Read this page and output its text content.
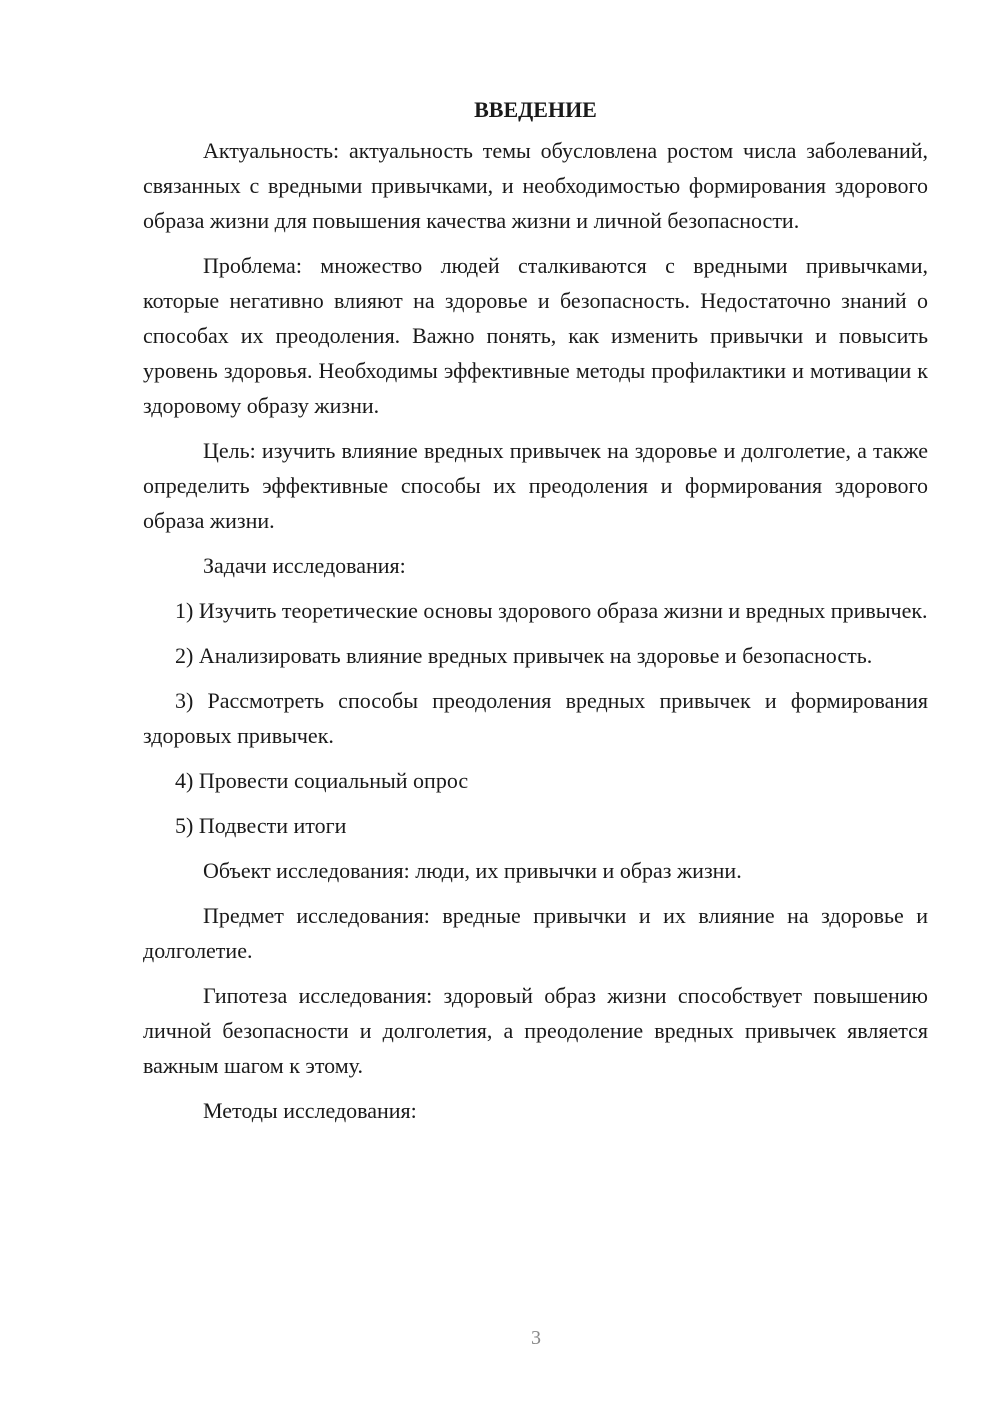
ВВЕДЕНИЕ

Актуальность: актуальность темы обусловлена ростом числа заболеваний, связанных с вредными привычками, и необходимостью формирования здорового образа жизни для повышения качества жизни и личной безопасности.

Проблема: множество людей сталкиваются с вредными привычками, которые негативно влияют на здоровье и безопасность. Недостаточно знаний о способах их преодоления. Важно понять, как изменить привычки и повысить уровень здоровья. Необходимы эффективные методы профилактики и мотивации к здоровому образу жизни.

Цель: изучить влияние вредных привычек на здоровье и долголетие, а также определить эффективные способы их преодоления и формирования здорового образа жизни.

Задачи исследования:

1) Изучить теоретические основы здорового образа жизни и вредных привычек.

2) Анализировать влияние вредных привычек на здоровье и безопасность.

3) Рассмотреть способы преодоления вредных привычек и формирования здоровых привычек.

4) Провести социальный опрос

5) Подвести итоги

Объект исследования: люди, их привычки и образ жизни.

Предмет исследования: вредные привычки и их влияние на здоровье и долголетие.

Гипотеза исследования: здоровый образ жизни способствует повышению личной безопасности и долголетия, а преодоление вредных привычек является важным шагом к этому.

Методы исследования:

3
